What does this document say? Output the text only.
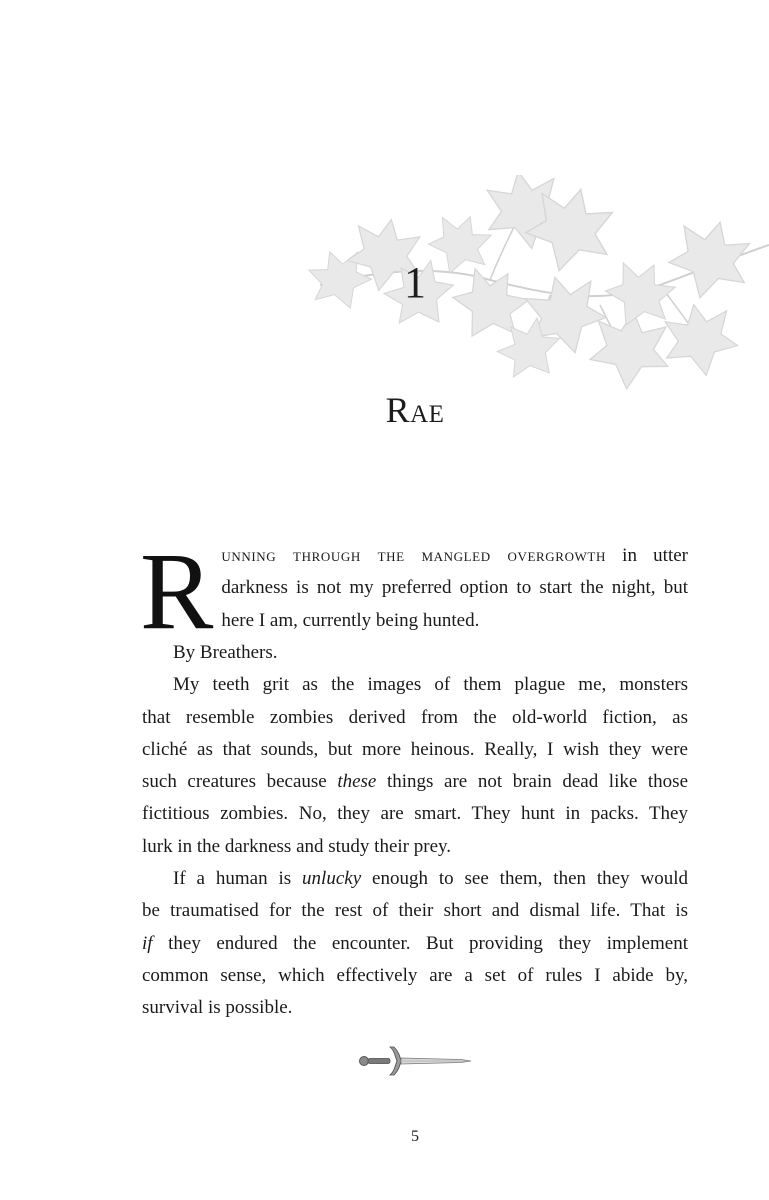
1
RAE
R unning through the mangled overgrowth in utter
darkness is not my preferred option to start the night, but
here I am, currently being hunted.
By Breathers.
My teeth grit as the images of them plague me, monsters
that resemble zombies derived from the old-world fiction, as
cliché as that sounds, but more heinous. Really, I wish they were
such creatures because these things are not brain dead like those
fictitious zombies. No, they are smart. They hunt in packs. They
lurk in the darkness and study their prey.
If a human is unlucky enough to see them, then they would
be traumatised for the rest of their short and dismal life. That is
if they endured the encounter. But providing they implement
common sense, which effectively are a set of rules I abide by,
survival is possible.
5
